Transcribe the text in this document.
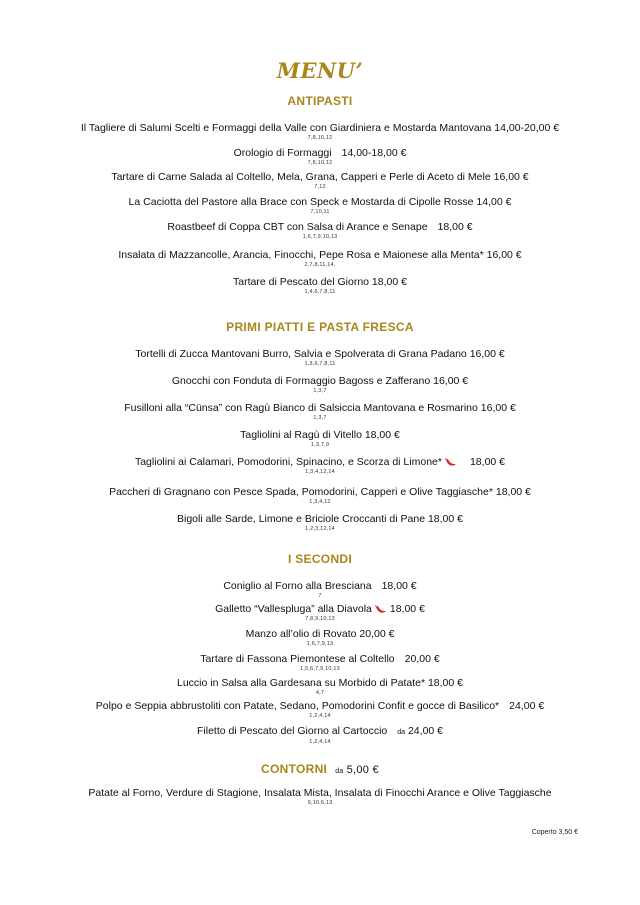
MENU’
ANTIPASTI
Il Tagliere di Salumi Scelti e Formaggi della Valle con Giardiniera e Mostarda Mantovana 14,00-20,00 €
7,8,10,12
Orologio di Formaggi 14,00-18,00 €
7,8,10,12
Tartare di Carne Salada al Coltello, Mela, Grana, Capperi e Perle di Aceto di Mele 16,00 €
7,12
La Caciotta del Pastore alla Brace con Speck e Mostarda di Cipolle Rosse 14,00 €
7,10,11
Roastbeef di Coppa CBT con Salsa di Arance e Senape 18,00 €
1,6,7,9,10,13
Insalata di Mazzancolle, Arancia, Finocchi, Pepe Rosa e Maionese alla Menta* 16,00 €
2,7,8,11,14,
Tartare di Pescato del Giorno 18,00 €
1,4,6,7,8,11
PRIMI PIATTI E PASTA FRESCA
Tortelli di Zucca Mantovani Burro, Salvia e Spolverata di Grana Padano 16,00 €
1,3,6,7,8,11
Gnocchi con Fonduta di Formaggio Bagoss e Zafferano 16,00 €
1,3,7
Fusilloni alla “Cünsa” con Ragù Bianco di Salsiccia Mantovana e Rosmarino 16,00 €
1,3,7
Tagliolini al Ragù di Vitello 18,00 €
1,3,7,9
Tagliolini ai Calamari, Pomodorini, Spinacino, e Scorza di Limone*	18,00 €
1,3,4,12,14
Paccheri di Gragnano con Pesce Spada, Pomodorini, Capperi e Olive Taggiasche* 18,00 €
1,3,4,12
Bigoli alle Sarde, Limone e Briciole Croccanti di Pane 18,00 €
1,2,3,12,14
I SECONDI
Coniglio al Forno alla Bresciana 18,00 €
7
Galletto “Vallespluga” alla Diavola 18,00 €
7,8,9,10,13
Manzo all’olio di Rovato 20,00 €
1,6,7,9,13
Tartare di Fassona Piemontese al Coltello 20,00 €
1,5,6,7,9,10,13
Luccio in Salsa alla Gardesana su Morbido di Patate* 18,00 €
4,7
Polpo e Seppia abbrustoliti con Patate, Sedano, Pomodorini Confit e gocce di Basilico* 24,00 €
1,2,4,14
Filetto di Pescato del Giorno al Cartoccio da 24,00 €
1,2,4,14
CONTORNI da 5,00 €
Patate al Forno, Verdure di Stagione, Insalata Mista, Insalata di Finocchi Arance e Olive Taggiasche
9,10,6,13
Coperto 3,50 €
